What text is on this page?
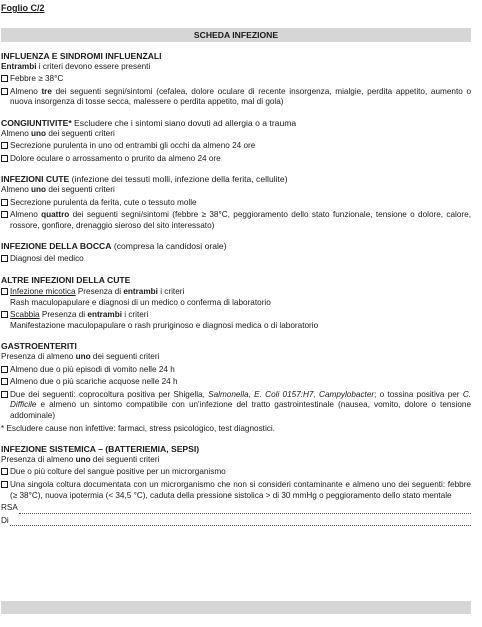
Foglio C/2
SCHEDA INFEZIONE
INFLUENZA E SINDROMI INFLUENZALI
Entrambi i criteri devono essere presenti
Febbre ≥ 38°C
Almeno tre dei seguenti segni/sintomi (cefalea, dolore oculare di recente insorgenza, mialgie, perdita appetito, aumento o nuova insorgenza di tosse secca, malessere o perdita appetito, mal di gola)
CONGIUNTIVITE* Escludere che i sintomi siano dovuti ad allergia o a trauma
Almeno uno dei seguenti criteri
Secrezione purulenta in uno od entrambi gli occhi da almeno 24 ore
Dolore oculare o arrossamento o prurito da almeno 24 ore
INFEZIONI CUTE (infezione dei tessuti molli, infezione della ferita, cellulite)
Almeno uno dei seguenti criteri
Secrezione purulenta da ferita, cute o tessuto molle
Almeno quattro dei seguenti segni/sintomi (febbre ≥ 38°C, peggioramento dello stato funzionale, tensione o dolore, calore, rossore, gonfiore, drenaggio sieroso del sito interessato)
INFEZIONE DELLA BOCCA (compresa la candidosi orale)
Diagnosi del medico
ALTRE INFEZIONI DELLA CUTE
Infezione micotica Presenza di entrambi i criteri
Rash maculopapulare e diagnosi di un medico o conferma di laboratorio
Scabbia Presenza di entrambi i criteri
Manifestazione maculopapulare o rash pruriginoso e diagnosi medica o di laboratorio
GASTROENTERITI
Presenza di almeno uno dei seguenti criteri
Almeno due o più episodi di vomito nelle 24 h
Almeno due o più scariche acquose nelle 24 h
Due dei seguenti: coprocoltura positiva per Shigella, Salmonella, E. Coli 0157:H7, Campylobacter; o tossina positiva per C. Difficile e almeno un sintomo compatibile con un'infezione del tratto gastrointestinale (nausea, vomito, dolore o tensione addominale)
* Escludere cause non infettive: farmaci, stress psicologico, test diagnostici.
INFEZIONE SISTEMICA – (BATTERIEMIA, SEPSI)
Presenza di almeno uno dei seguenti criteri
Due o più colture del sangue positive per un microrganismo
Una singola coltura documentata con un microrganismo che non si consideri contaminante e almeno uno dei seguenti: febbre (≥ 38°C), nuova ipotermia (< 34,5 °C), caduta della pressione sistolica > di 30 mmHg o peggioramento dello stato mentale
RSA
Di
